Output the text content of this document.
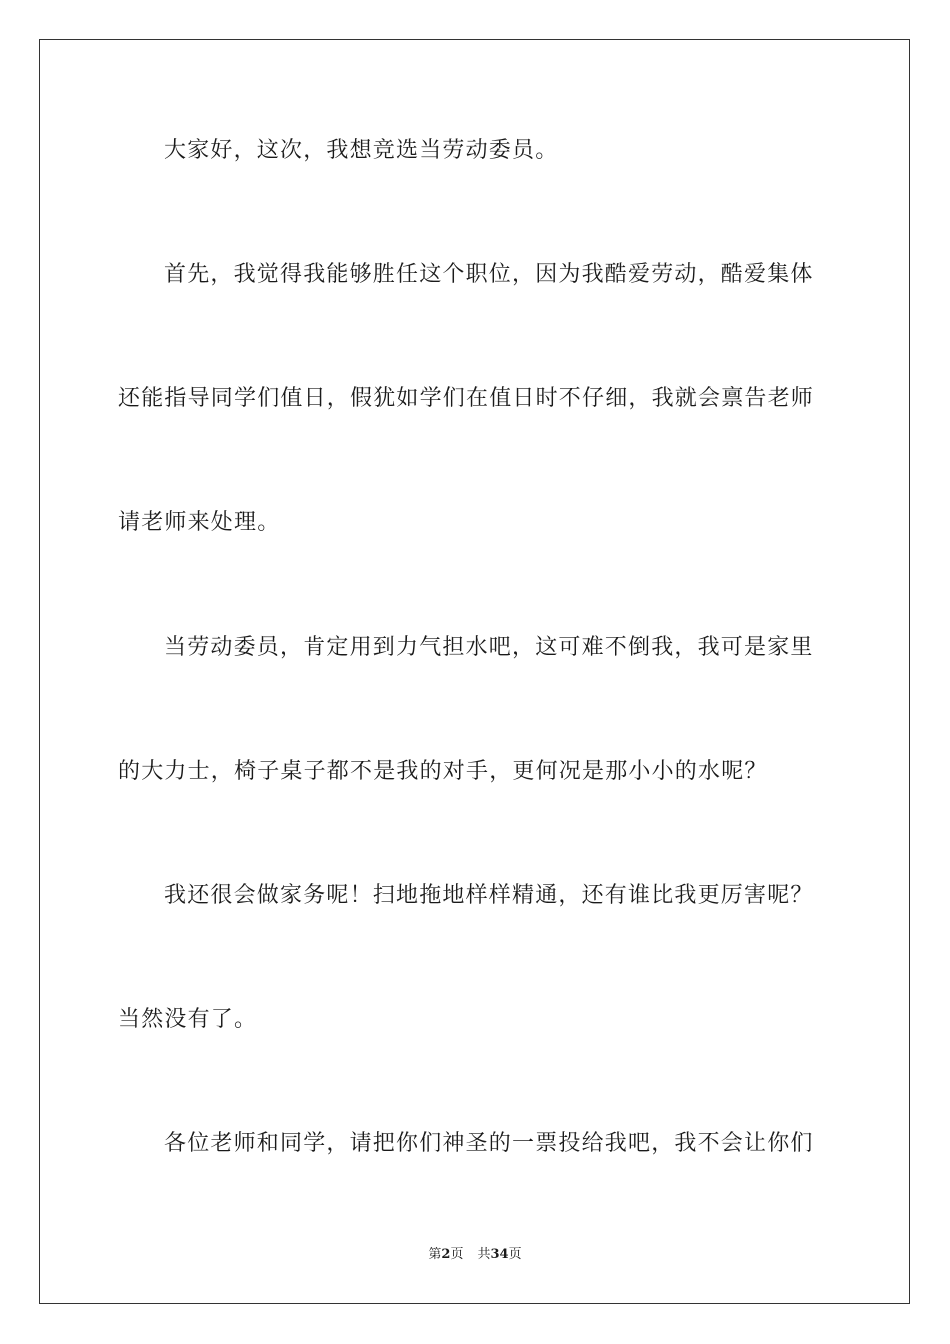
大家好，这次，我想竞选当劳动委员。
首先，我觉得我能够胜任这个职位，因为我酷爱劳动，酷爱集体
还能指导同学们值日，假犹如学们在值日时不仔细，我就会禀告老师
请老师来处理。
当劳动委员，肯定用到力气担水吧，这可难不倒我，我可是家里
的大力士，椅子桌子都不是我的对手，更何况是那小小的水呢？
我还很会做家务呢！扫地拖地样样精通，还有谁比我更厉害呢？
当然没有了。
各位老师和同学，请把你们神圣的一票投给我吧，我不会让你们
第2页 共34页
